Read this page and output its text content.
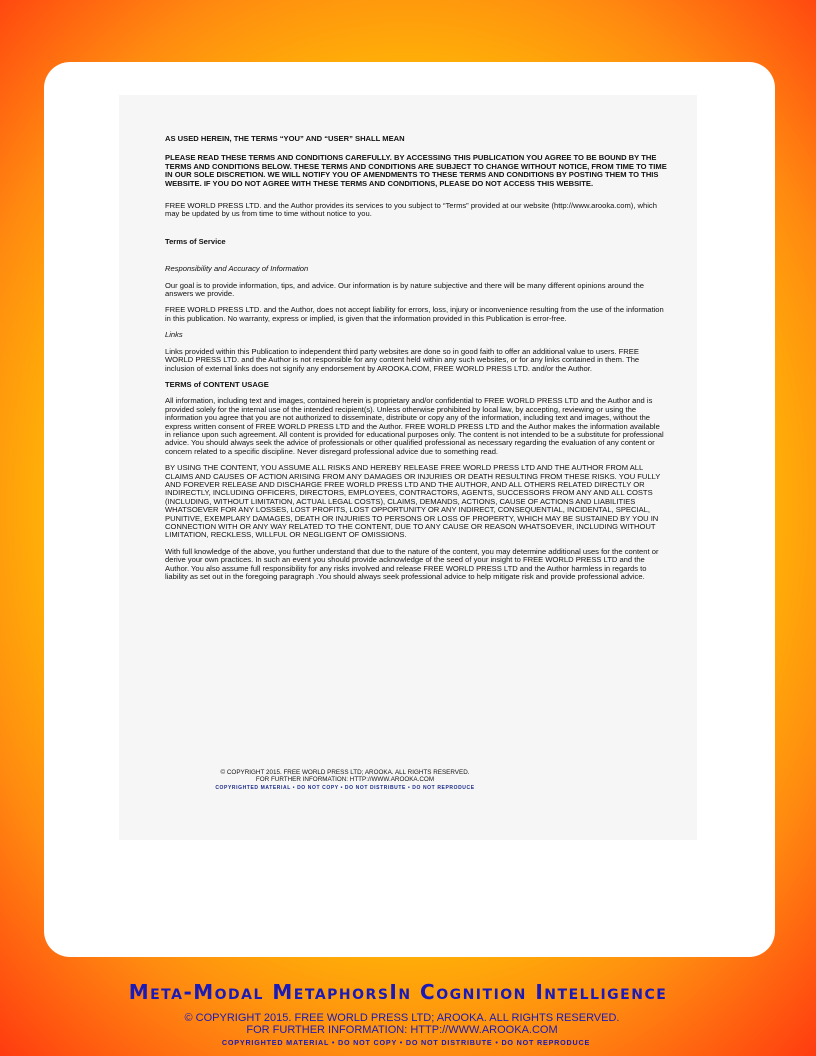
AS USED HEREIN, THE TERMS “YOU” AND “USER” SHALL MEAN

PLEASE READ THESE TERMS AND CONDITIONS CAREFULLY. BY ACCESSING THIS PUBLICATION YOU AGREE TO BE BOUND BY THE TERMS AND CONDITIONS BELOW. THESE TERMS AND CONDITIONS ARE SUBJECT TO CHANGE WITHOUT NOTICE, FROM TIME TO TIME IN OUR SOLE DISCRETION. WE WILL NOTIFY YOU OF AMENDMENTS TO THESE TERMS AND CONDITIONS BY POSTING THEM TO THIS WEBSITE. IF YOU DO NOT AGREE WITH THESE TERMS AND CONDITIONS, PLEASE DO NOT ACCESS THIS WEBSITE.

FREE WORLD PRESS LTD. and the Author provides its services to you subject to “Terms” provided at our website (http://www.arooka.com), which may be updated by us from time to time without notice to you.

Terms of Service

Responsibility and Accuracy of Information

Our goal is to provide information, tips, and advice. Our information is by nature subjective and there will be many different opinions around the answers we provide.

FREE WORLD PRESS LTD. and the Author, does not accept liability for errors, loss, injury or inconvenience resulting from the use of the information in this publication. No warranty, express or implied, is given that the information provided in this Publication is error-free.

Links

Links provided within this Publication to independent third party websites are done so in good faith to offer an additional value to users. FREE WORLD PRESS LTD. and the Author is not responsible for any content held within any such websites, or for any links contained in them. The inclusion of external links does not signify any endorsement by AROOKA.COM, FREE WORLD PRESS LTD. and/or the Author.

TERMS of CONTENT USAGE

All information, including text and images, contained herein is proprietary and/or confidential to FREE WORLD PRESS LTD and the Author and is provided solely for the internal use of the intended recipient(s). Unless otherwise prohibited by local law, by accepting, reviewing or using the information you agree that you are not authorized to disseminate, distribute or copy any of the information, including text and images, without the express written consent of FREE WORLD PRESS LTD and the Author. FREE WORLD PRESS LTD and the Author makes the information available in reliance upon such agreement. All content is provided for educational purposes only. The content is not intended to be a substitute for professional advice. You should always seek the advice of professionals or other qualified professional as necessary regarding the evaluation of any content or concern related to a specific discipline. Never disregard professional advice due to something read.

BY USING THE CONTENT, YOU ASSUME ALL RISKS AND HEREBY RELEASE FREE WORLD PRESS LTD AND THE AUTHOR FROM ALL CLAIMS AND CAUSES OF ACTION ARISING FROM ANY DAMAGES OR INJURIES OR DEATH RESULTING FROM THESE RISKS. YOU FULLY AND FOREVER RELEASE AND DISCHARGE FREE WORLD PRESS LTD AND THE AUTHOR, AND ALL OTHERS RELATED DIRECTLY OR INDIRECTLY, INCLUDING OFFICERS, DIRECTORS, EMPLOYEES, CONTRACTORS, AGENTS, SUCCESSORS FROM ANY AND ALL COSTS (INCLUDING, WITHOUT LIMITATION, ACTUAL LEGAL COSTS), CLAIMS, DEMANDS, ACTIONS, CAUSE OF ACTIONS AND LIABILITIES WHATSOEVER FOR ANY LOSSES, LOST PROFITS, LOST OPPORTUNITY OR ANY INDIRECT, CONSEQUENTIAL, INCIDENTAL, SPECIAL, PUNITIVE, EXEMPLARY DAMAGES, DEATH OR INJURIES TO PERSONS OR LOSS OF PROPERTY, WHICH MAY BE SUSTAINED BY YOU IN CONNECTION WITH OR ANY WAY RELATED TO THE CONTENT, DUE TO ANY CAUSE OR REASON WHATSOEVER, INCLUDING WITHOUT LIMITATION, RECKLESS, WILLFUL OR NEGLIGENT OF OMISSIONS.

With full knowledge of the above, you further understand that due to the nature of the content, you may determine additional uses for the content or derive your own practices. In such an event you should provide acknowledge of the seed of your insight to FREE WORLD PRESS LTD and the Author. You also assume full responsibility for any risks involved and release FREE WORLD PRESS LTD and the Author harmless in regards to liability as set out in the foregoing paragraph .You should always seek professional advice to help mitigate risk and provide professional advice.

© COPYRIGHT 2015. FREE WORLD PRESS LTD; AROOKA. ALL RIGHTS RESERVED.
FOR FURTHER INFORMATION: HTTP://WWW.AROOKA.COM
COPYRIGHTED MATERIAL • DO NOT COPY • DO NOT DISTRIBUTE • DO NOT REPRODUCE
Meta-Modal MetaphorsIn Cognition Intelligence
© COPYRIGHT 2015. FREE WORLD PRESS LTD; AROOKA. ALL RIGHTS RESERVED.
FOR FURTHER INFORMATION: HTTP://WWW.AROOKA.COM
COPYRIGHTED MATERIAL • DO NOT COPY • DO NOT DISTRIBUTE • DO NOT REPRODUCE
